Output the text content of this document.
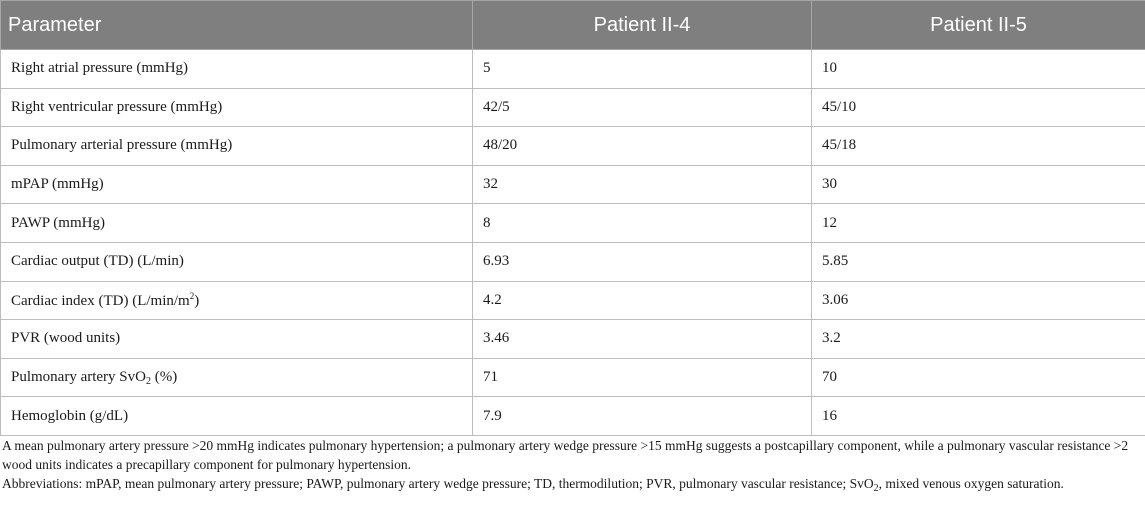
Parameter	Patient II-4	Patient II-5
Right atrial pressure (mmHg)	5	10
Right ventricular pressure (mmHg)	42/5	45/10
Pulmonary arterial pressure (mmHg)	48/20	45/18
mPAP (mmHg)	32	30
PAWP (mmHg)	8	12
Cardiac output (TD) (L/min)	6.93	5.85
Cardiac index (TD) $(L/\min/m^2)$	4.2	3.06
PVR (wood units)	3.46	3.2
Pulmonary artery SvO$_2$ (%)	71	70
Hemoglobin (g/dL)	7.9	16

A mean pulmonary artery pressure >20 mmHg indicates pulmonary hypertension; a pulmonary artery wedge pressure >15 mmHg suggests a postcapillary component, while a pulmonary vascular resistance >2 wood units indicates a precapillary component for pulmonary hypertension.

Abbreviations: mPAP, mean pulmonary artery pressure; PAWP, pulmonary artery wedge pressure; TD, thermodilution; PVR, pulmonary vascular resistance; SvO$_2$, mixed venous oxygen saturation.
